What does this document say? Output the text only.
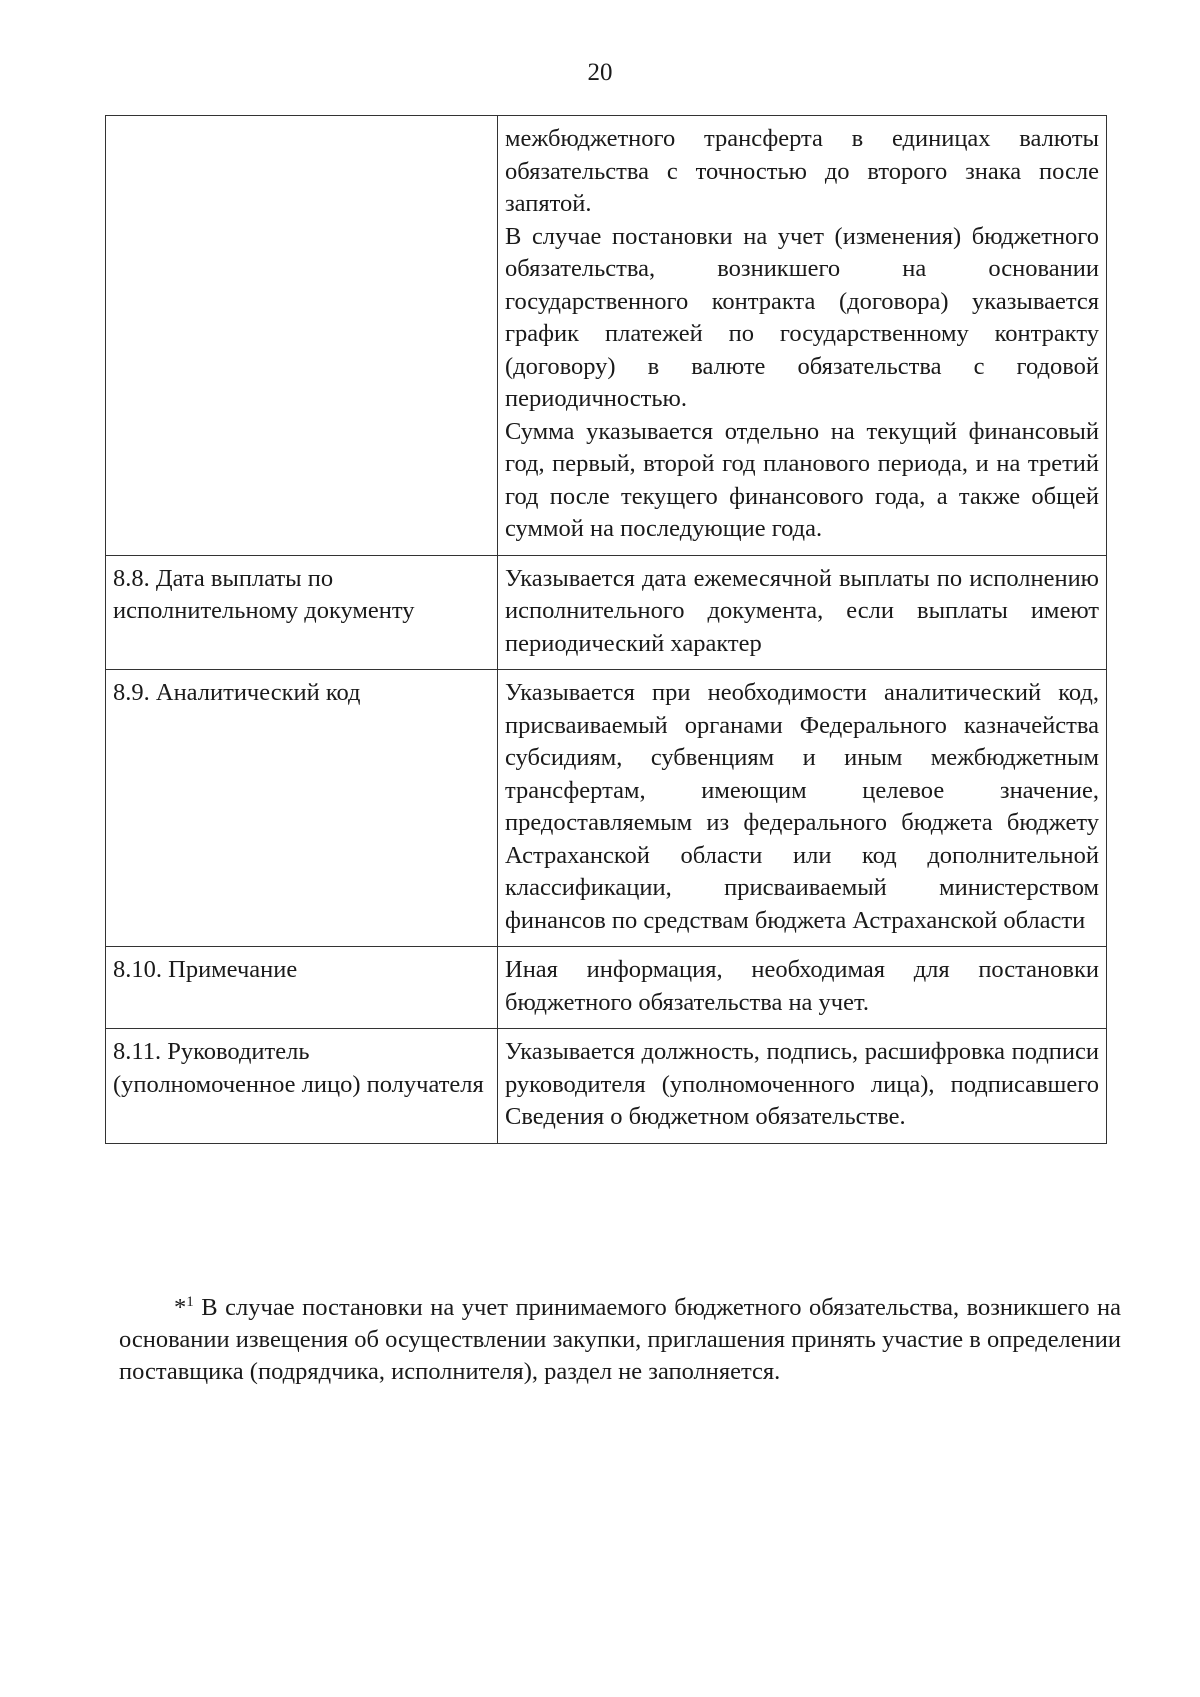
20

	межбюджетного трансферта в единицах валюты обязательства с точностью до второго знака после запятой.

В случае постановки на учет (изменения) бюджетного обязательства, возникшего на основании государственного контракта (договора) указывается график платежей по государственному контракту (договору) в валюте обязательства с годовой периодичностью.

Сумма указывается отдельно на текущий финансовый год, первый, второй год планового периода, и на третий год после текущего финансового года, а также общей суммой на последующие года.

8.8. Дата выплаты по исполнительному документу	Указывается дата ежемесячной выплаты по исполнению исполнительного документа, если выплаты имеют периодический характер

8.9. Аналитический код	Указывается при необходимости аналитический код, присваиваемый органами Федерального казначейства субсидиям, субвенциям и иным межбюджетным трансфертам, имеющим целевое значение, предоставляемым из федерального бюджета бюджету Астраханской области или код дополнительной классификации, присваиваемый министерством финансов по средствам бюджета Астраханской области

8.10. Примечание	Иная информация, необходимая для постановки бюджетного обязательства на учет.

8.11. Руководитель (уполномоченное лицо) получателя	Указывается должность, подпись, расшифровка подписи руководителя (уполномоченного лица), подписавшего Сведения о бюджетном обязательстве.

*$^1$ В случае постановки на учет принимаемого бюджетного обязательства, возникшего на основании извещения об осуществлении закупки, приглашения принять участие в определении поставщика (подрядчика, исполнителя), раздел не заполняется.
